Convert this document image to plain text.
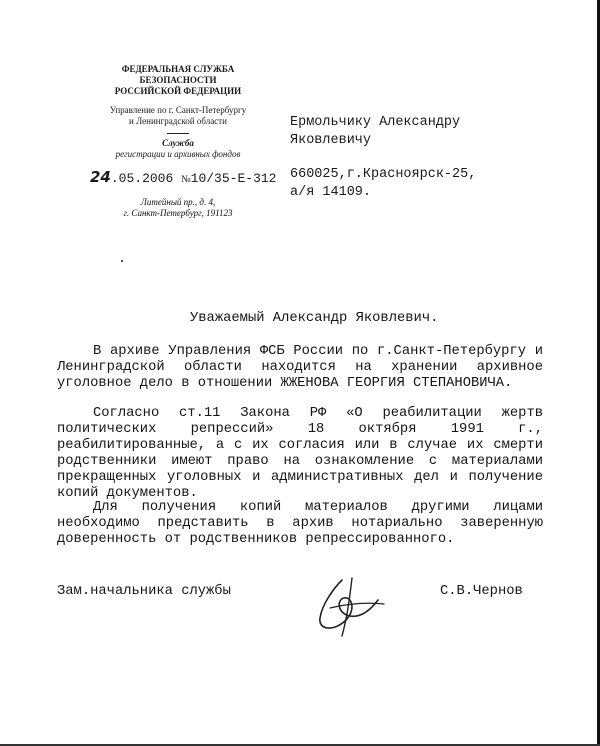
ФЕДЕРАЛЬНАЯ СЛУЖБА
БЕЗОПАСНОСТИ
РОССИЙСКОЙ ФЕДЕРАЦИИ
Управление по г. Санкт-Петербургу
и Ленинградской области
Служба
регистрации и архивных фондов
24.05.2006 №10/35-Е-312
Литейный пр., д. 4,
г. Санкт-Петербург, 191123
Ермольчику Александру
Яковлевичу
660025,г.Красноярск-25,
а/я 14109.
Уважаемый Александр Яковлевич.

В архиве Управления ФСБ России по г.Санкт-Петербургу и Ленинградской области находится на хранении архивное уголовное дело в отношении ЖЖЕНОВА ГЕОРГИЯ СТЕПАНОВИЧА.

Согласно ст.11 Закона РФ «О реабилитации жертв политических репрессий» 18 октября 1991 г., реабилитированные, а с их согласия или в случае их смерти родственники имеют право на ознакомление с материалами прекращенных уголовных и административных дел и получение копий документов.

Для получения копий материалов другими лицами необходимо представить в архив нотариально заверенную доверенность от родственников репрессированного.

Зам.начальника службы	С.В.Чернов
